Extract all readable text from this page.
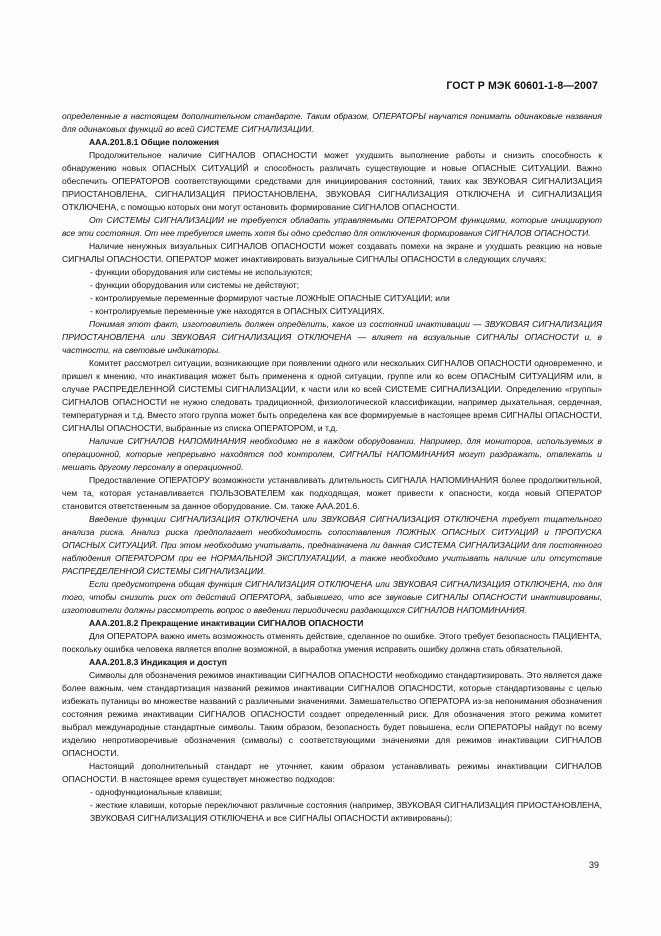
ГОСТ Р МЭК 60601-1-8—2007

определенные в настоящем дополнительном стандарте. Таким образом, ОПЕРАТОРЫ научатся понимать одинаковые названия для одинаковых функций во всей СИСТЕМЕ СИГНАЛИЗАЦИИ.

ААА.201.8.1 Общие положения

Продолжительное наличие СИГНАЛОВ ОПАСНОСТИ может ухудшить выполнение работы и снизить способность к обнаружению новых ОПАСНЫХ СИТУАЦИЙ и способность различать существующие и новые ОПАСНЫЕ СИТУАЦИИ. Важно обеспечить ОПЕРАТОРОВ соответствующими средствами для инициирования состояний, таких как ЗВУКОВАЯ СИГНАЛИЗАЦИЯ ПРИОСТАНОВЛЕНА, СИГНАЛИЗАЦИЯ ПРИОСТАНОВЛЕНА, ЗВУКОВАЯ СИГНАЛИЗАЦИЯ ОТКЛЮЧЕНА И СИГНАЛИЗАЦИЯ ОТКЛЮЧЕНА, с помощью которых они могут остановить формирование СИГНАЛОВ ОПАСНОСТИ.

От СИСТЕМЫ СИГНАЛИЗАЦИИ не требуется обладать управляемыми ОПЕРАТОРОМ функциями, которые инициируют все эти состояния. От нее требуется иметь хотя бы одно средство для отключения формирования СИГНАЛОВ ОПАСНОСТИ.

Наличие ненужных визуальных СИГНАЛОВ ОПАСНОСТИ может создавать помехи на экране и ухудшать реакцию на новые СИГНАЛЫ ОПАСНОСТИ. ОПЕРАТОР может инактивировать визуальные СИГНАЛЫ ОПАСНОСТИ в следующих случаях:

- функции оборудования или системы не используются;

- функции оборудования или системы не действуют;

- контролируемые переменные формируют частые ЛОЖНЫЕ ОПАСНЫЕ СИТУАЦИИ; или

- контролируемые переменные уже находятся в ОПАСНЫХ СИТУАЦИЯХ.

Понимая этот факт, изготовитель должен определить, какое из состояний инактивации — ЗВУКОВАЯ СИГНАЛИЗАЦИЯ ПРИОСТАНОВЛЕНА или ЗВУКОВАЯ СИГНАЛИЗАЦИЯ ОТКЛЮЧЕНА — влияет на визуальные СИГНАЛЫ ОПАСНОСТИ и, в частности, на световые индикаторы.

Комитет рассмотрел ситуации, возникающие при появлении одного или нескольких СИГНАЛОВ ОПАСНОСТИ одновременно, и пришел к мнению, что инактивация может быть применена к одной ситуации, группе или ко всем ОПАСНЫМ СИТУАЦИЯМ или, в случае РАСПРЕДЕЛЕННОЙ СИСТЕМЫ СИГНАЛИЗАЦИИ, к части или ко всей СИСТЕМЕ СИГНАЛИЗАЦИИ. Определению «группы» СИГНАЛОВ ОПАСНОСТИ не нужно следовать традиционной, физиологической классификации, например дыхательная, сердечная, температурная и т.д. Вместо этого группа может быть определена как все формируемые в настоящее время СИГНАЛЫ ОПАСНОСТИ, СИГНАЛЫ ОПАСНОСТИ, выбранные из списка ОПЕРАТОРОМ, и т.д.

Наличие СИГНАЛОВ НАПОМИНАНИЯ необходимо не в каждом оборудовании. Например, для мониторов, используемых в операционной, которые непрерывно находятся под контролем, СИГНАЛЫ НАПОМИНАНИЯ могут раздражать, отвлекать и мешать другому персоналу в операционной.

Предоставление ОПЕРАТОРУ возможности устанавливать длительность СИГНАЛА НАПОМИНАНИЯ более продолжительной, чем та, которая устанавливается ПОЛЬЗОВАТЕЛЕМ как подходящая, может привести к опасности, когда новый ОПЕРАТОР становится ответственным за данное оборудование. См. также ААА.201.6.

Введение функции СИГНАЛИЗАЦИЯ ОТКЛЮЧЕНА или ЗВУКОВАЯ СИГНАЛИЗАЦИЯ ОТКЛЮЧЕНА требует тщательного анализа риска. Анализ риска предполагает необходимость сопоставления ЛОЖНЫХ ОПАСНЫХ СИТУАЦИЙ и ПРОПУСКА ОПАСНЫХ СИТУАЦИЙ. При этом необходимо учитывать, предназначена ли данная СИСТЕМА СИГНАЛИЗАЦИИ для постоянного наблюдения ОПЕРАТОРОМ при ее НОРМАЛЬНОЙ ЭКСПЛУАТАЦИИ, а также необходимо учитывать наличие или отсутствие РАСПРЕДЕЛЕННОЙ СИСТЕМЫ СИГНАЛИЗАЦИИ.

Если предусмотрена общая функция СИГНАЛИЗАЦИЯ ОТКЛЮЧЕНА или ЗВУКОВАЯ СИГНАЛИЗАЦИЯ ОТКЛЮЧЕНА, то для того, чтобы снизить риск от действий ОПЕРАТОРА, забывшего, что все звуковые СИГНАЛЫ ОПАСНОСТИ инактивированы, изготовители должны рассмотреть вопрос о введении периодически раздающихся СИГНАЛОВ НАПОМИНАНИЯ.

ААА.201.8.2 Прекращение инактивации СИГНАЛОВ ОПАСНОСТИ

Для ОПЕРАТОРА важно иметь возможность отменять действие, сделанное по ошибке. Этого требует безопасность ПАЦИЕНТА, поскольку ошибка человека является вполне возможной, а выработка умения исправить ошибку должна стать обязательной.

ААА.201.8.3 Индикация и доступ

Символы для обозначения режимов инактивации СИГНАЛОВ ОПАСНОСТИ необходимо стандартизировать. Это является даже более важным, чем стандартизация названий режимов инактивации СИГНАЛОВ ОПАСНОСТИ, которые стандартизованы с целью избежать путаницы во множестве названий с различными значениями. Замешательство ОПЕРАТОРА из-за непонимания обозначения состояния режима инактивации СИГНАЛОВ ОПАСНОСТИ создает определенный риск. Для обозначения этого режима комитет выбрал международные стандартные символы. Таким образом, безопасность будет повышена, если ОПЕРАТОРЫ найдут по всему изделию непротиворечивые обозначения (символы) с соответствующими значениями для режимов инактивации СИГНАЛОВ ОПАСНОСТИ.

Настоящий дополнительный стандарт не уточняет, каким образом устанавливать режимы инактивации СИГНАЛОВ ОПАСНОСТИ. В настоящее время существует множество подходов:

- однофункциональные клавиши;

- жесткие клавиши, которые переключают различные состояния (например, ЗВУКОВАЯ СИГНАЛИЗАЦИЯ ПРИОСТАНОВЛЕНА, ЗВУКОВАЯ СИГНАЛИЗАЦИЯ ОТКЛЮЧЕНА и все СИГНАЛЫ ОПАСНОСТИ активированы);

39
